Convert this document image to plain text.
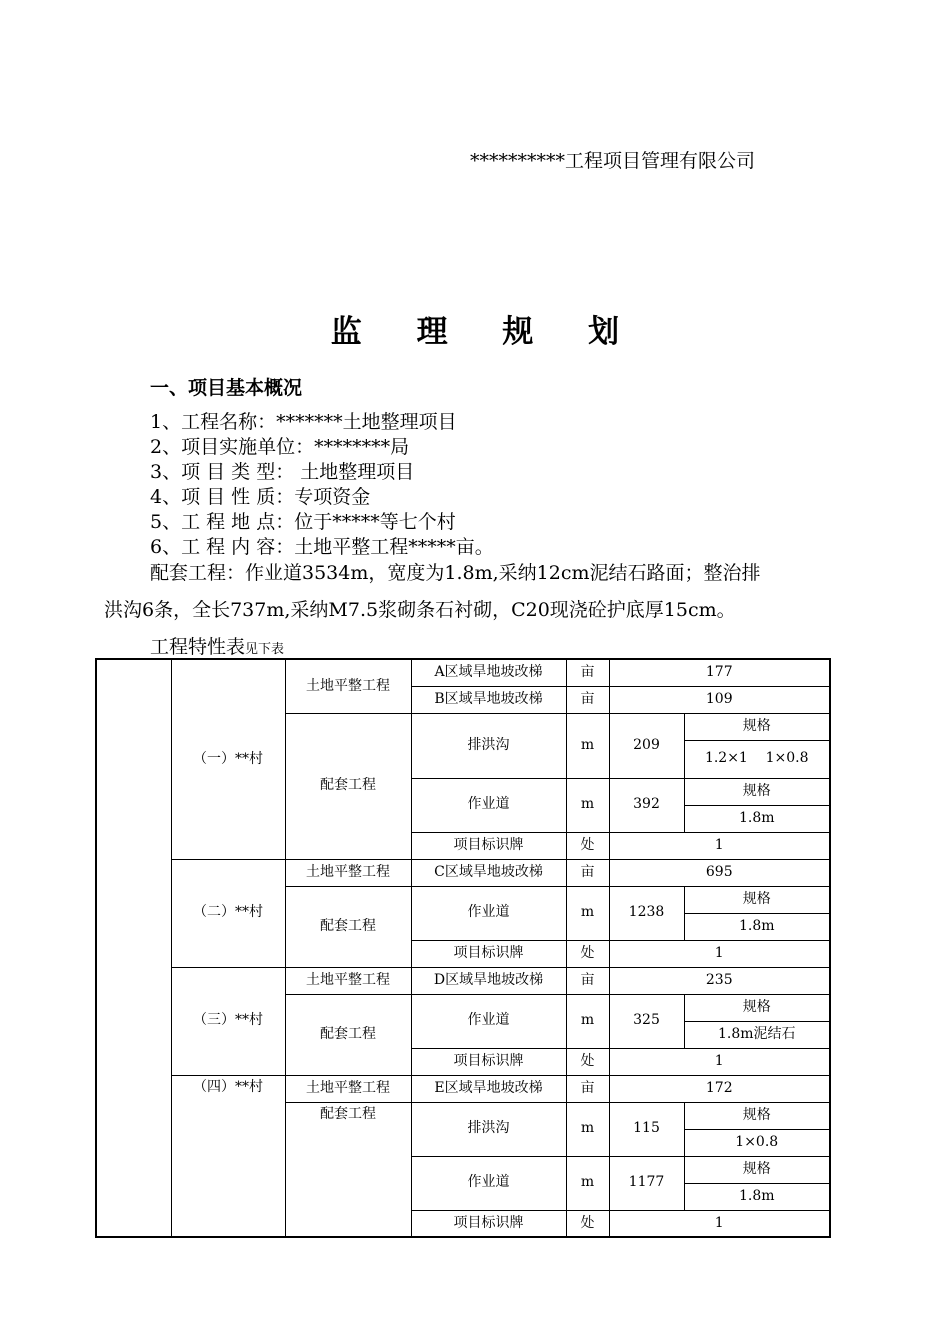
**********工程项目管理有限公司
监 理 规 划
一、项目基本概况
1、工程名称：*******土地整理项目
2、项目实施单位：********局
3、项 目 类 型： 土地整理项目
4、项 目 性 质：专项资金
5、工 程 地 点：位于*****等七个村
6、工 程 内 容：土地平整工程*****亩。
配套工程：作业道3534m，宽度为1.8m,采纳12cm泥结石路面；整治排
洪沟6条，全长737m,采纳M7.5浆砌条石衬砌，C20现浇砼护底厚15cm。
工程特性表见下表
	（一）**村	土地平整工程	A区域旱地坡改梯	亩	177	
			B区域旱地坡改梯	亩	109	
		配套工程	排洪沟	m	209	规格
						1.2×1    1×0.8
			作业道	m	392	规格
						1.8m
			项目标识牌	处	1	
	（二）**村	土地平整工程	C区域旱地坡改梯	亩	695	
		配套工程	作业道	m	1238	规格
						1.8m
			项目标识牌	处	1	
	（三）**村	土地平整工程	D区域旱地坡改梯	亩	235	
		配套工程	作业道	m	325	规格
						1.8m泥结石
			项目标识牌	处	1	
	（四）**村	土地平整工程	E区域旱地坡改梯	亩	172	
		配套工程	排洪沟	m	115	规格
						1×0.8
			作业道	m	1177	规格
						1.8m
			项目标识牌	处	1	
